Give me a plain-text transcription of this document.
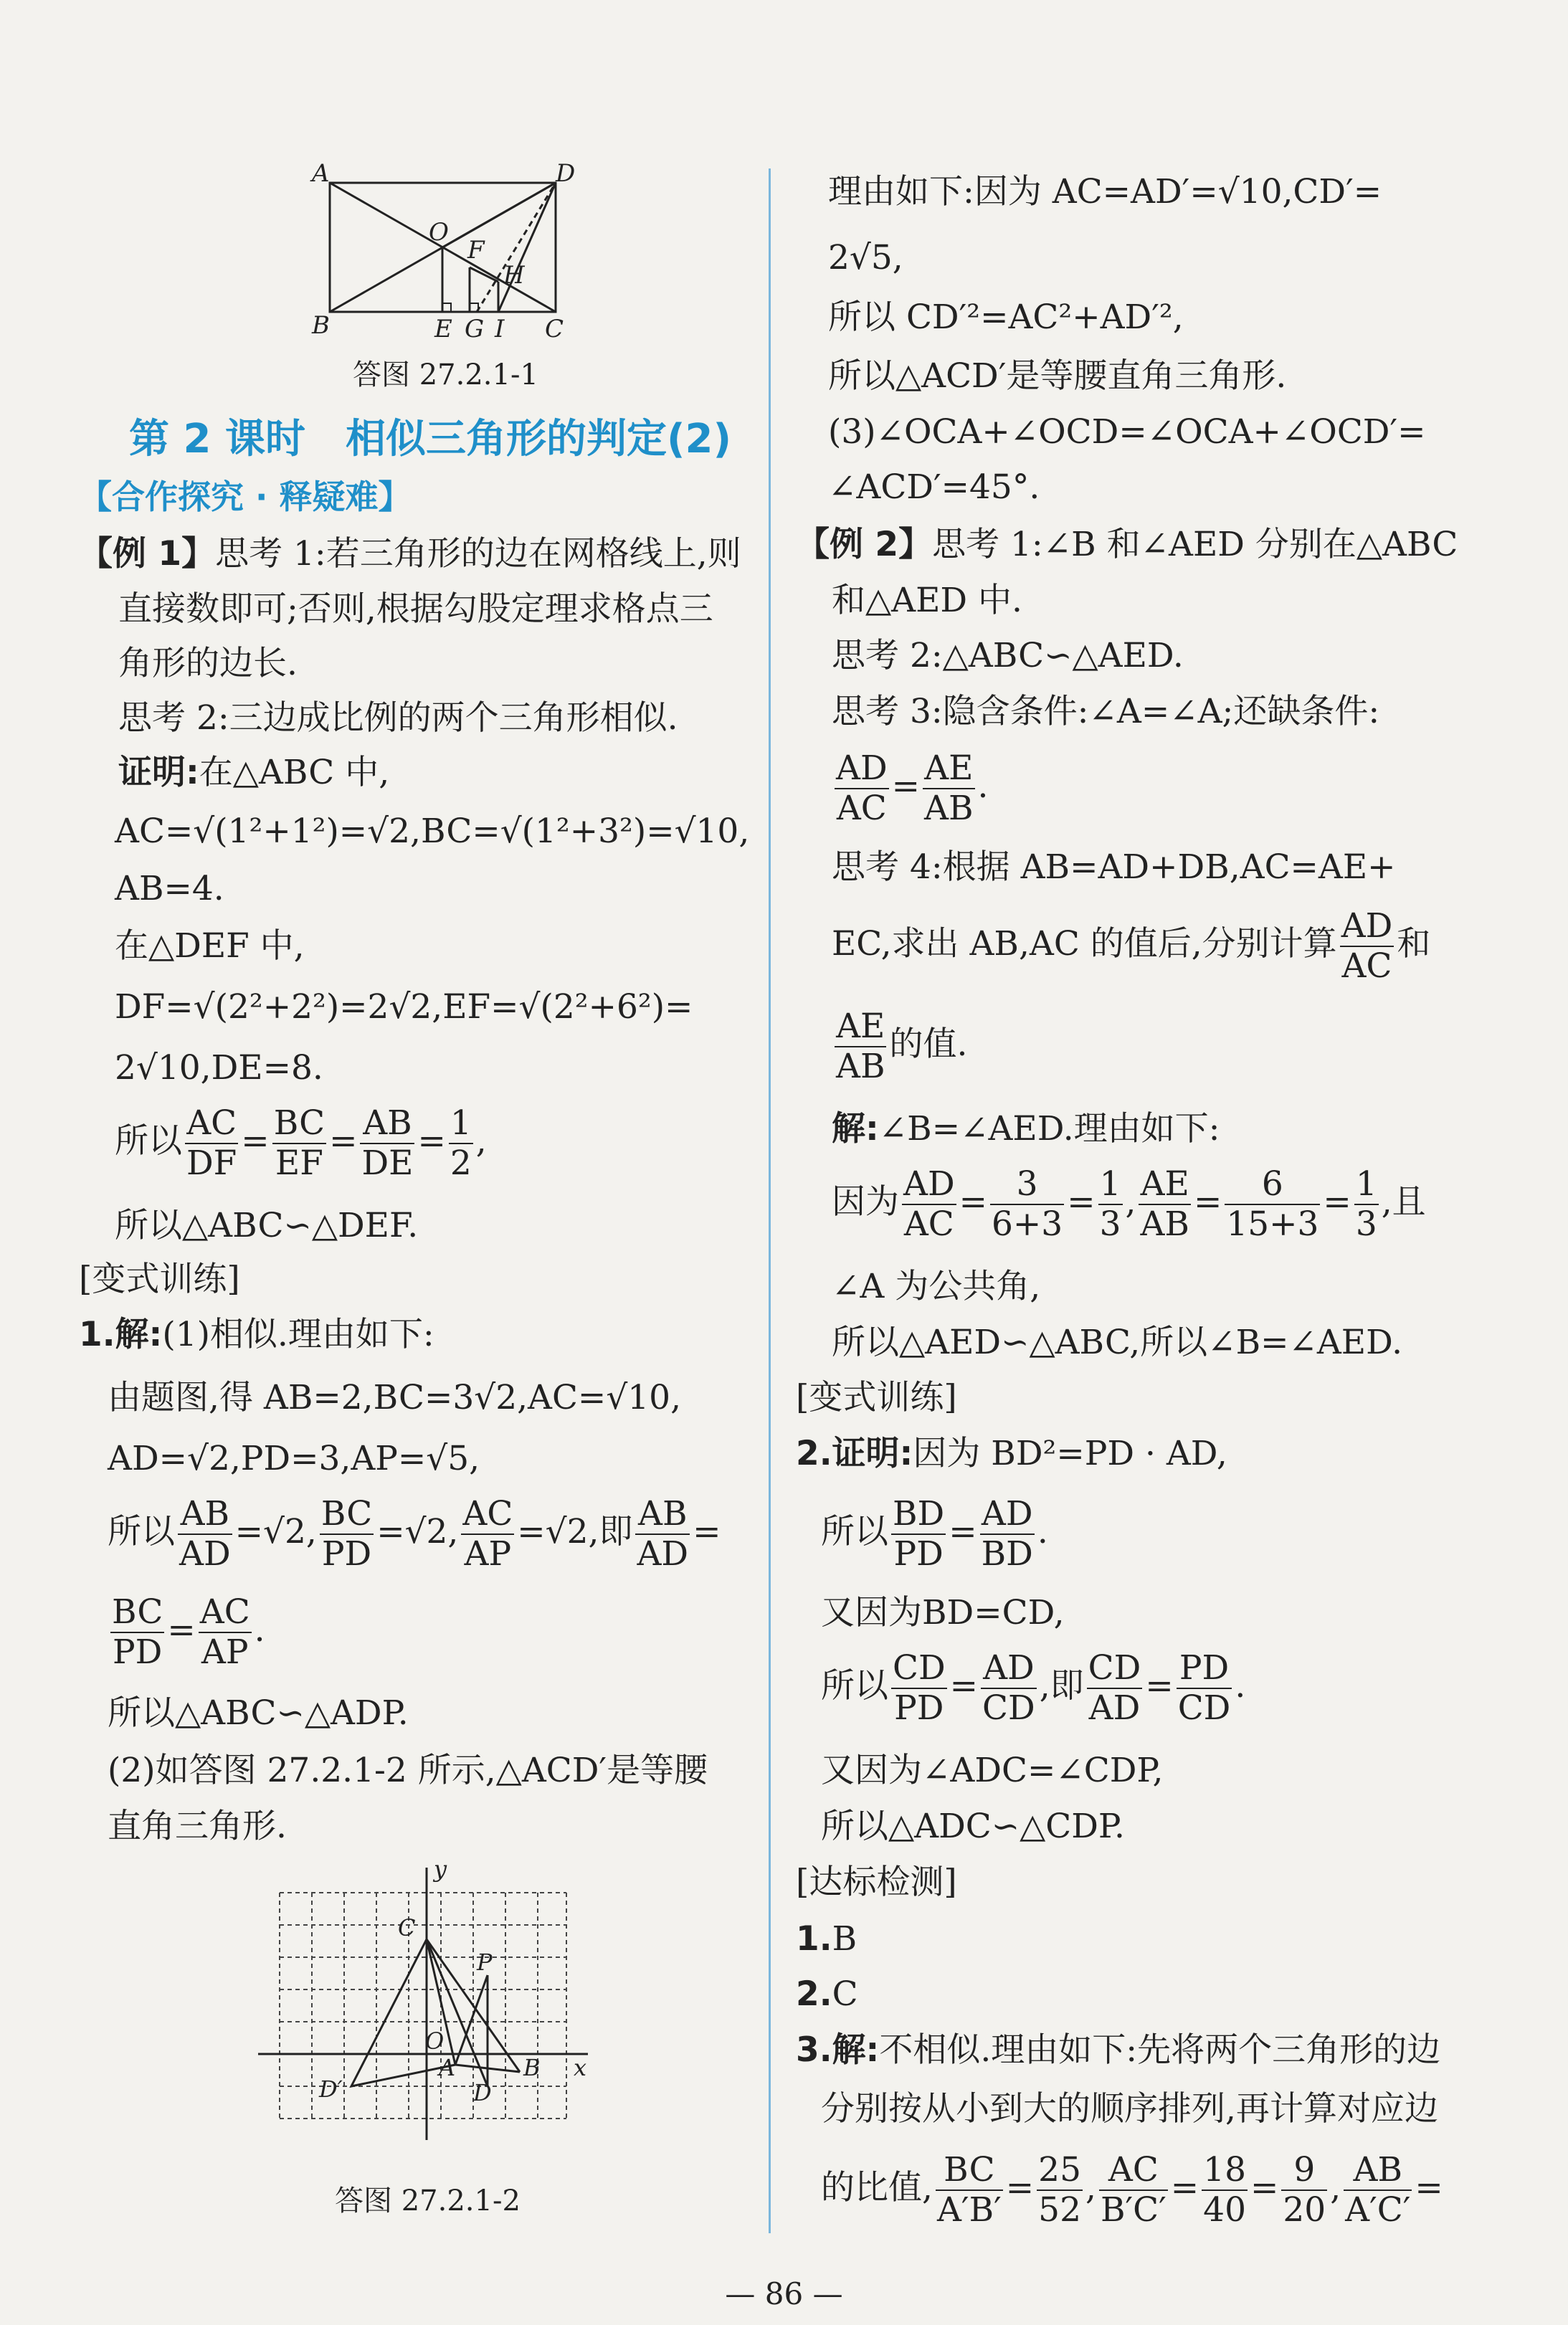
A	D
O
F
H
B	E G I C
答图 27.2.1-1
第 2 课时　相似三角形的判定(2)
【合作探究 · 释疑难】
【例 1】思考 1:若三角形的边在网格线上,则
直接数即可;否则,根据勾股定理求格点三
角形的边长.
思考 2:三边成比例的两个三角形相似.
证明:在△ABC 中,
AC=√(1²+1²)=√2,BC=√(1²+3²)=√10,
AB=4.
在△DEF 中,
DF=√(2²+2²)=2√2,EF=√(2²+6²)=
2√10,DE=8.
所以 $\frac{AC}{DF} = \frac{BC}{EF} = \frac{AB}{DE} = \frac{1}{2}$ ,
所以△ABC∽△DEF.
[变式训练]
1.解:(1)相似.理由如下:
由题图,得 AB=2,BC=3√2,AC=√10,
AD=√2,PD=3,AP=√5,
所以 $\frac{AB}{AD} =√2$, $\frac{BC}{PD} =√2$, $\frac{AC}{AP} =√2$,即 $\frac{AB}{AD}$ =
$\frac{BC}{PD} = \frac{AC}{AP}$ .
所以△ABC∽△ADP.
(2)如答图 27.2.1-2 所示,△ACD′是等腰
直角三角形.
y
C
P
O
A	B x
D′	D
答图 27.2.1-2
理由如下:因为 AC=AD′=√10,CD′=
2√5,
所以 CD′²=AC²+AD′²,
所以△ACD′是等腰直角三角形.
(3)∠OCA+∠OCD=∠OCA+∠OCD′=
∠ACD′=45°.
【例 2】思考 1:∠B 和∠AED 分别在△ABC
和△AED 中.
思考 2:△ABC∽△AED.
思考 3:隐含条件:∠A=∠A;还缺条件:
$\frac{AD}{AC} = \frac{AE}{AB}$ .
思考 4:根据 AB=AD+DB,AC=AE+
EC,求出 AB,AC 的值后,分别计算 $\frac{AD}{AC}$ 和
$\frac{AE}{AB}$ 的值.
解:∠B=∠AED.理由如下:
因为 $\frac{AD}{AC} = \frac{3}{6+3} = \frac{1}{3}$ , $\frac{AE}{AB} = \frac{6}{15+3} = \frac{1}{3}$ ,且
∠A 为公共角,
所以△AED∽△ABC,所以∠B=∠AED.
[变式训练]
2.证明:因为 BD²=PD · AD,
所以 $\frac{BD}{PD} = \frac{AD}{BD}$ .
又因为BD=CD,
所以 $\frac{CD}{PD} = \frac{AD}{CD}$ ,即 $\frac{CD}{AD} = \frac{PD}{CD}$ .
又因为∠ADC=∠CDP,
所以△ADC∽△CDP.
[达标检测]
1.B
2.C
3.解:不相似.理由如下:先将两个三角形的边
分别按从小到大的顺序排列,再计算对应边
的比值, $\frac{BC}{A'B'} = \frac{25}{52}$ , $\frac{AC}{B'C'} = \frac{18}{40} = \frac{9}{20}$ , $\frac{AB}{A'C'}$ =
— 86 —
